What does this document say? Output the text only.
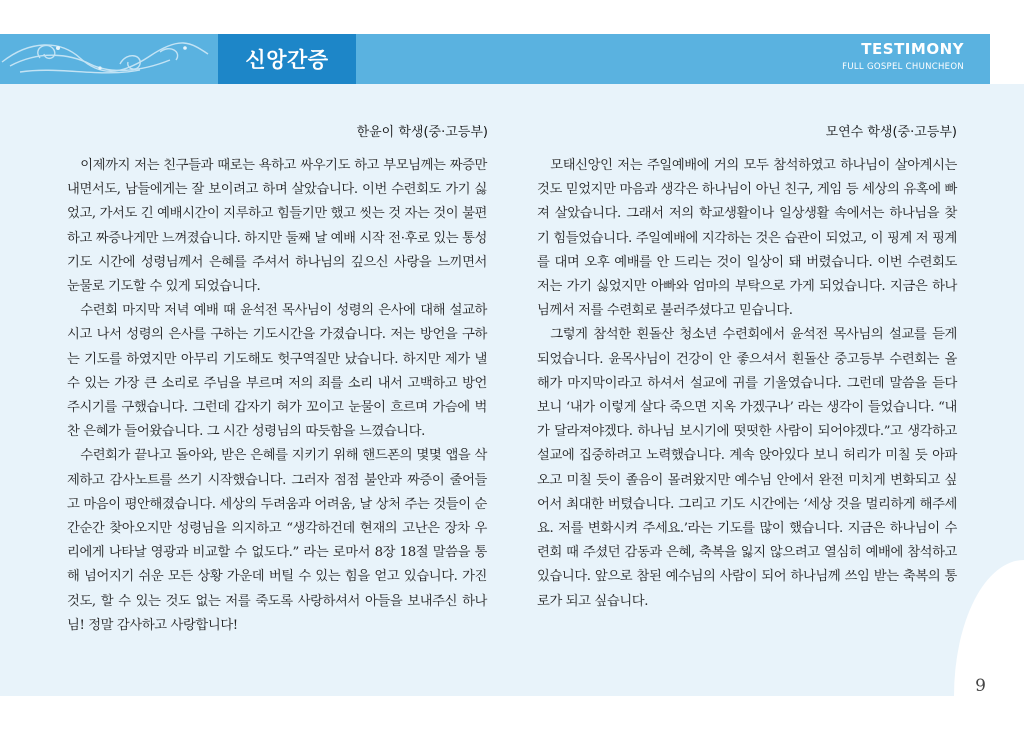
신앙간증	TESTIMONY
FULL GOSPEL CHUNCHEON
한윤이 학생(중·고등부)	모연수 학생(중·고등부)

이제까지 저는 친구들과 때로는 욕하고 싸우기도 하고 부모님께는 짜증만 내면서도, 남들에게는 잘 보이려고 하며 살았습니다. 이번 수련회도 가기 싫었고, 가서도 긴 예배시간이 지루하고 힘들기만 했고 씻는 것 자는 것이 불편하고 짜증나게만 느껴졌습니다. 하지만 둘째 날 예배 시작 전·후로 있는 통성기도 시간에 성령님께서 은혜를 주셔서 하나님의 깊으신 사랑을 느끼면서 눈물로 기도할 수 있게 되었습니다.

수련회 마지막 저녁 예배 때 윤석전 목사님이 성령의 은사에 대해 설교하시고 나서 성령의 은사를 구하는 기도시간을 가졌습니다. 저는 방언을 구하는 기도를 하였지만 아무리 기도해도 헛구역질만 났습니다. 하지만 제가 낼 수 있는 가장 큰 소리로 주님을 부르며 저의 죄를 소리 내서 고백하고 방언 주시기를 구했습니다. 그런데 갑자기 혀가 꼬이고 눈물이 흐르며 가슴에 벅찬 은혜가 들어왔습니다. 그 시간 성령님의 따듯함을 느꼈습니다.

수련회가 끝나고 돌아와, 받은 은혜를 지키기 위해 핸드폰의 몇몇 앱을 삭제하고 감사노트를 쓰기 시작했습니다. 그러자 점점 불안과 짜증이 줄어들고 마음이 평안해졌습니다. 세상의 두려움과 어려움, 날 상처 주는 것들이 순간순간 찾아오지만 성령님을 의지하고 “생각하건데 현재의 고난은 장차 우리에게 나타날 영광과 비교할 수 없도다.” 라는 로마서 8장 18절 말씀을 통해 넘어지기 쉬운 모든 상황 가운데 버틸 수 있는 힘을 얻고 있습니다. 가진 것도, 할 수 있는 것도 없는 저를 죽도록 사랑하셔서 아들을 보내주신 하나님! 정말 감사하고 사랑합니다!

모태신앙인 저는 주일예배에 거의 모두 참석하였고 하나님이 살아계시는 것도 믿었지만 마음과 생각은 하나님이 아닌 친구, 게임 등 세상의 유혹에 빠져 살았습니다. 그래서 저의 학교생활이나 일상생활 속에서는 하나님을 찾기 힘들었습니다. 주일예배에 지각하는 것은 습관이 되었고, 이 핑계 저 핑계를 대며 오후 예배를 안 드리는 것이 일상이 돼 버렸습니다. 이번 수련회도 저는 가기 싫었지만 아빠와 엄마의 부탁으로 가게 되었습니다. 지금은 하나님께서 저를 수련회로 불러주셨다고 믿습니다.

그렇게 참석한 흰돌산 청소년 수련회에서 윤석전 목사님의 설교를 듣게 되었습니다. 윤목사님이 건강이 안 좋으셔서 흰돌산 중고등부 수련회는 올해가 마지막이라고 하셔서 설교에 귀를 기울였습니다. 그런데 말씀을 듣다 보니 ‘내가 이렇게 살다 죽으면 지옥 가겠구나’ 라는 생각이 들었습니다. “내가 달라져야겠다. 하나님 보시기에 떳떳한 사람이 되어야겠다.”고 생각하고 설교에 집중하려고 노력했습니다. 계속 앉아있다 보니 허리가 미칠 듯 아파오고 미칠 듯이 졸음이 몰려왔지만 예수님 안에서 완전 미치게 변화되고 싶어서 최대한 버텼습니다. 그리고 기도 시간에는 ‘세상 것을 멀리하게 해주세요. 저를 변화시켜 주세요.’라는 기도를 많이 했습니다. 지금은 하나님이 수련회 때 주셨던 감동과 은혜, 축복을 잃지 않으려고 열심히 예배에 참석하고 있습니다. 앞으로 참된 예수님의 사람이 되어 하나님께 쓰임 받는 축복의 통로가 되고 싶습니다.

9
